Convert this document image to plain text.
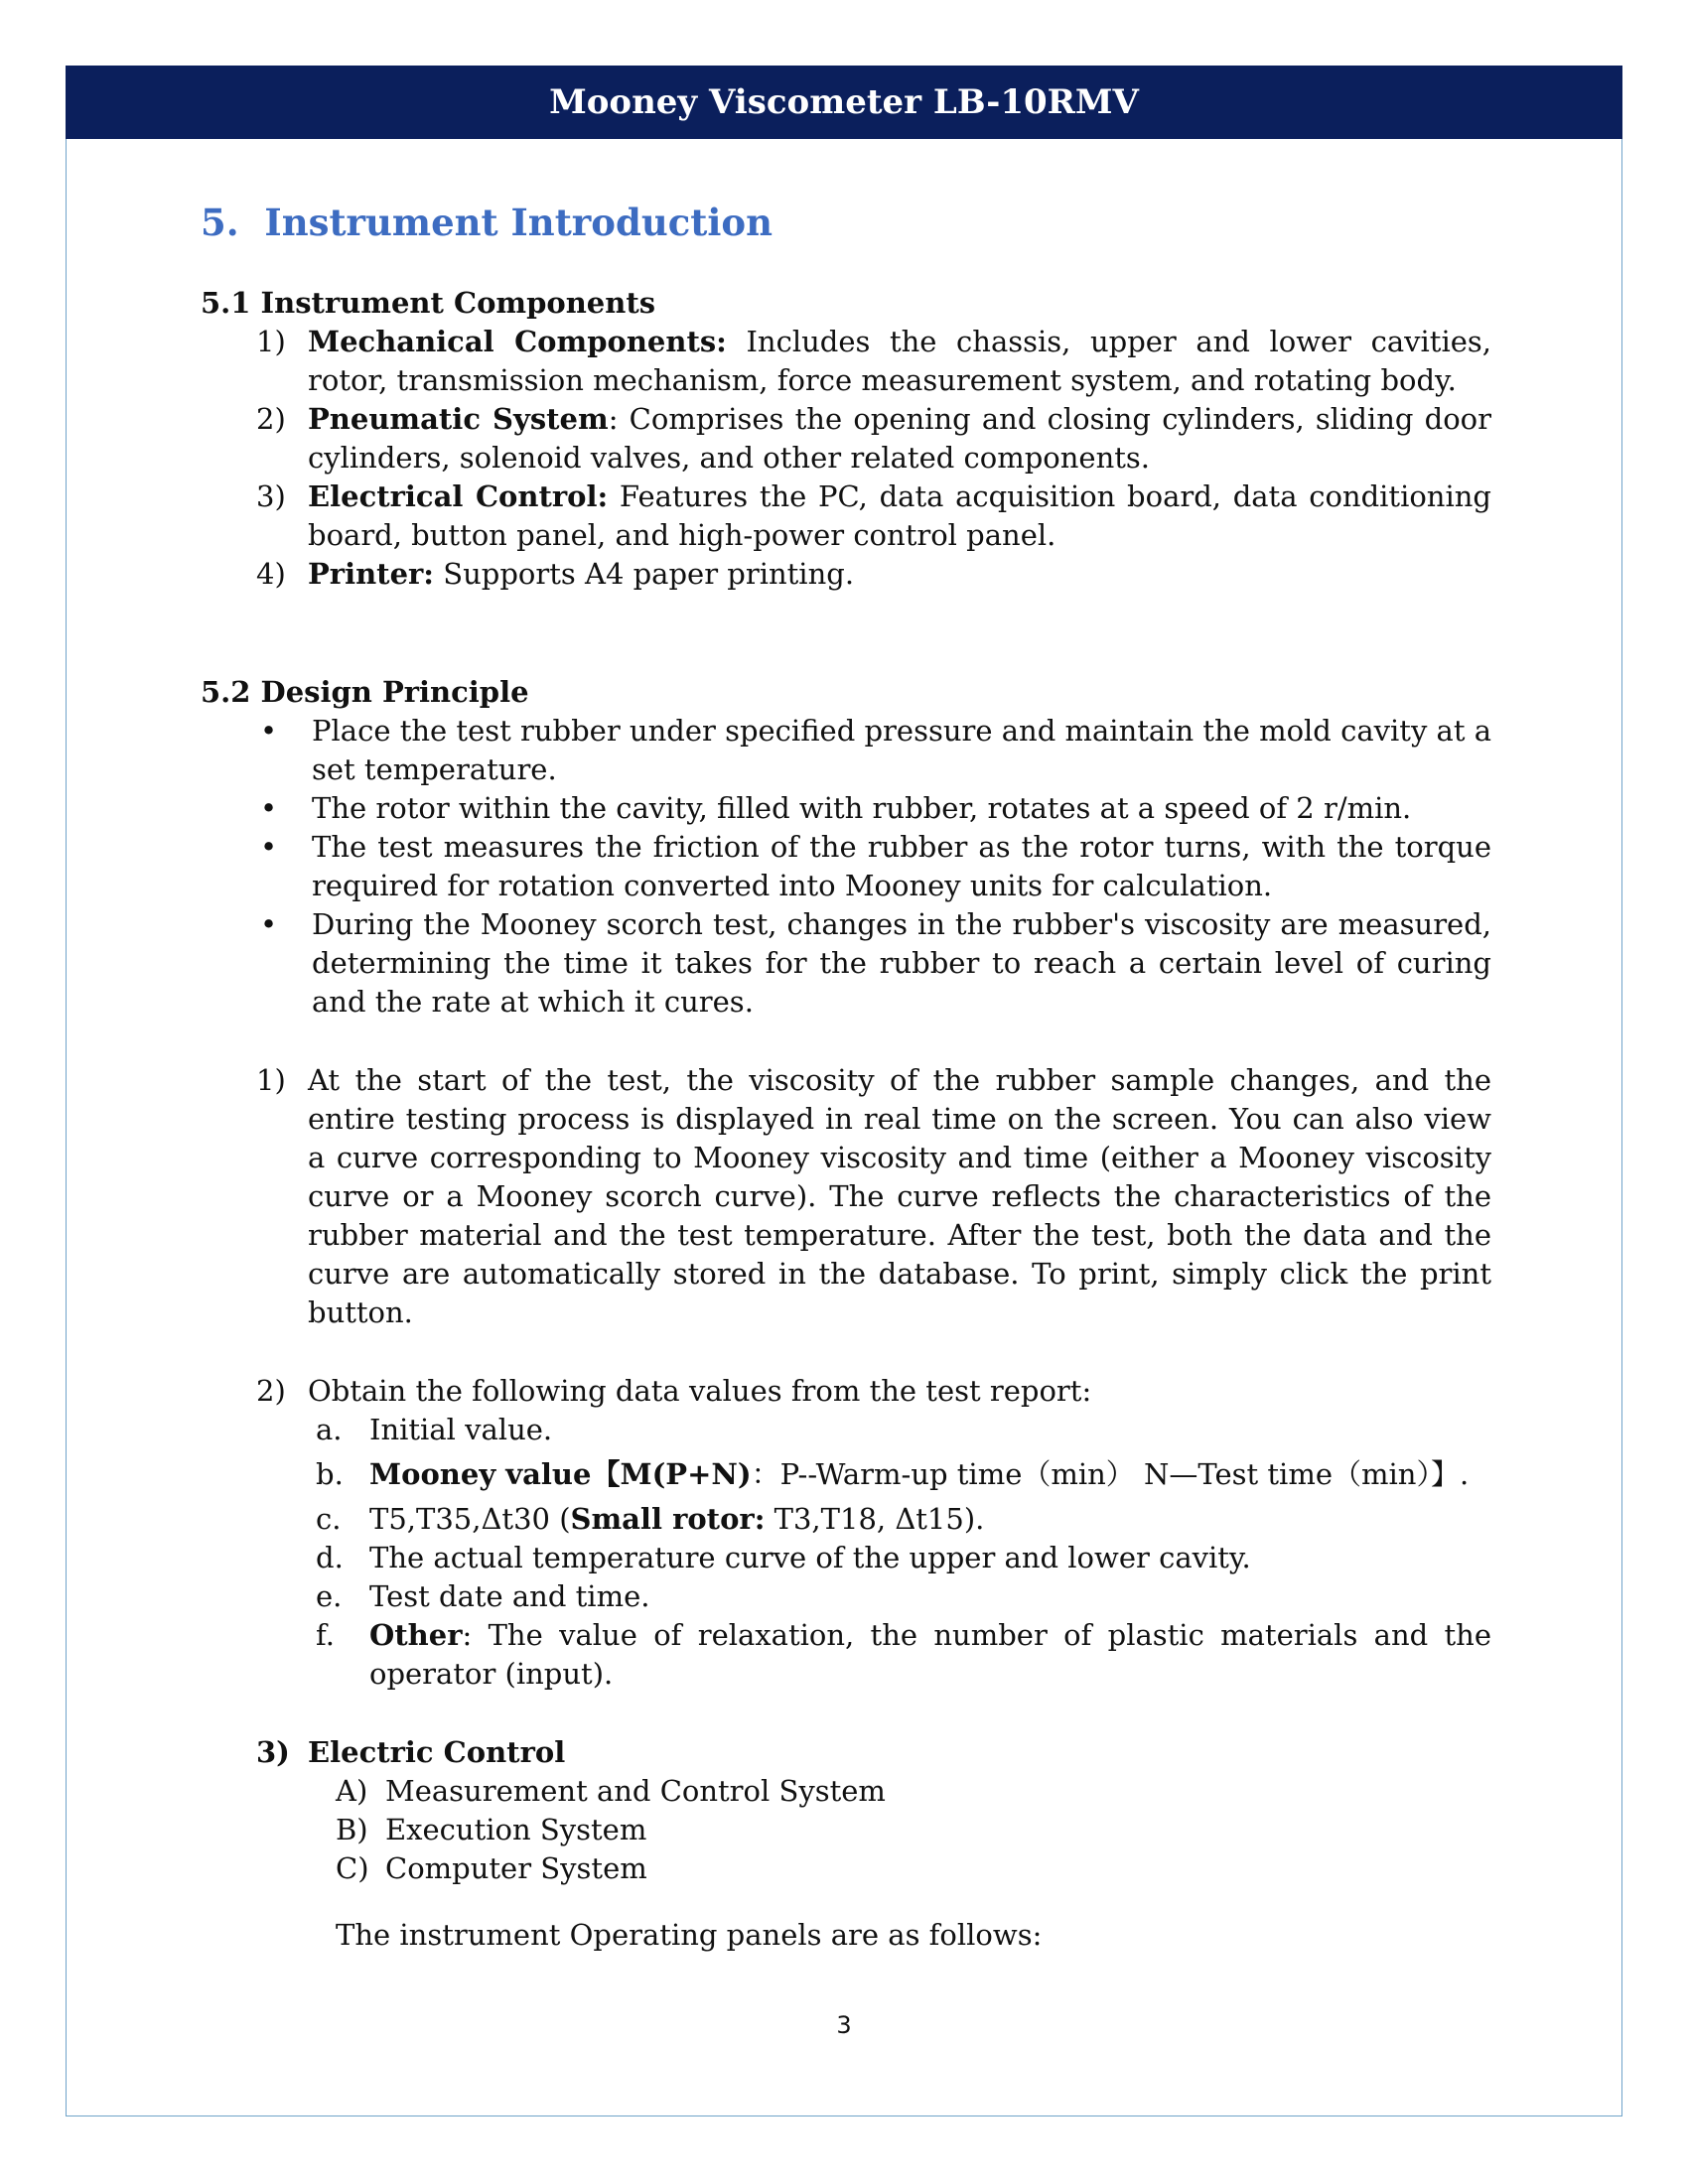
Mooney Viscometer LB-10RMV
5. Instrument Introduction
5.1 Instrument Components
1) Mechanical Components: Includes the chassis, upper and lower cavities, rotor, transmission mechanism, force measurement system, and rotating body.
2) Pneumatic System: Comprises the opening and closing cylinders, sliding door cylinders, solenoid valves, and other related components.
3) Electrical Control: Features the PC, data acquisition board, data conditioning board, button panel, and high-power control panel.
4) Printer: Supports A4 paper printing.
5.2 Design Principle
•	Place the test rubber under specified pressure and maintain the mold cavity at a set temperature.
•	The rotor within the cavity, filled with rubber, rotates at a speed of 2 r/min.
•	The test measures the friction of the rubber as the rotor turns, with the torque required for rotation converted into Mooney units for calculation.
•	During the Mooney scorch test, changes in the rubber's viscosity are measured, determining the time it takes for the rubber to reach a certain level of curing and the rate at which it cures.
1) At the start of the test, the viscosity of the rubber sample changes, and the entire testing process is displayed in real time on the screen. You can also view a curve corresponding to Mooney viscosity and time (either a Mooney viscosity curve or a Mooney scorch curve). The curve reflects the characteristics of the rubber material and the test temperature. After the test, both the data and the curve are automatically stored in the database. To print, simply click the print button.
2) Obtain the following data values from the test report:
a. Initial value.
b. Mooney value【M(P+N)：P--Warm-up time（min） N—Test time（min）】.
c. T5,T35,Δt30 (Small rotor: T3,T18, Δt15).
d. The actual temperature curve of the upper and lower cavity.
e. Test date and time.
f.	Other: The value of relaxation, the number of plastic materials and the operator (input).
3) Electric Control
A) Measurement and Control System
B) Execution System
C) Computer System
The instrument Operating panels are as follows:
3
